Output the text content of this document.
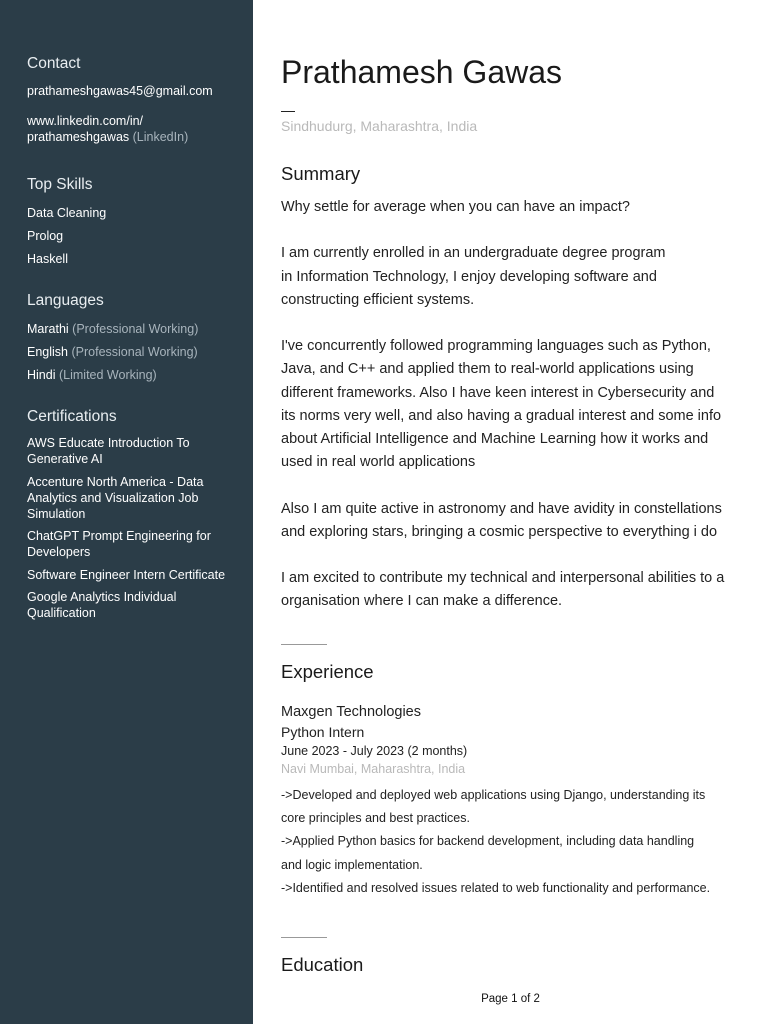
Contact
prathameshgawas45@gmail.com
www.linkedin.com/in/
prathameshgawas (LinkedIn)
Top Skills
Data Cleaning
Prolog
Haskell
Languages
Marathi (Professional Working)
English (Professional Working)
Hindi (Limited Working)
Certifications
AWS Educate Introduction To
Generative AI
Accenture North America - Data
Analytics and Visualization Job
Simulation
ChatGPT Prompt Engineering for
Developers
Software Engineer Intern Certificate
Google Analytics Individual
Qualification
Prathamesh Gawas
Sindhudurg, Maharashtra, India
Summary

Why settle for average when you can have an impact?

I am currently enrolled in an undergraduate degree program
in Information Technology, I enjoy developing software and
constructing efficient systems.

I've concurrently followed programming languages such as Python,
Java, and C++ and applied them to real-world applications using
different frameworks. Also I have keen interest in Cybersecurity and
its norms very well, and also having a gradual interest and some info
about Artificial Intelligence and Machine Learning how it works and
used in real world applications

Also I am quite active in astronomy and have avidity in constellations
and exploring stars, bringing a cosmic perspective to everything i do

I am excited to contribute my technical and interpersonal abilities to a
organisation where I can make a difference.

Experience
Maxgen Technologies
Python Intern
June 2023 - July 2023 (2 months)
Navi Mumbai, Maharashtra, India
->Developed and deployed web applications using Django, understanding its
core principles and best practices.
->Applied Python basics for backend development, including data handling
and logic implementation.
->Identified and resolved issues related to web functionality and performance.
Education
Page 1 of 2
